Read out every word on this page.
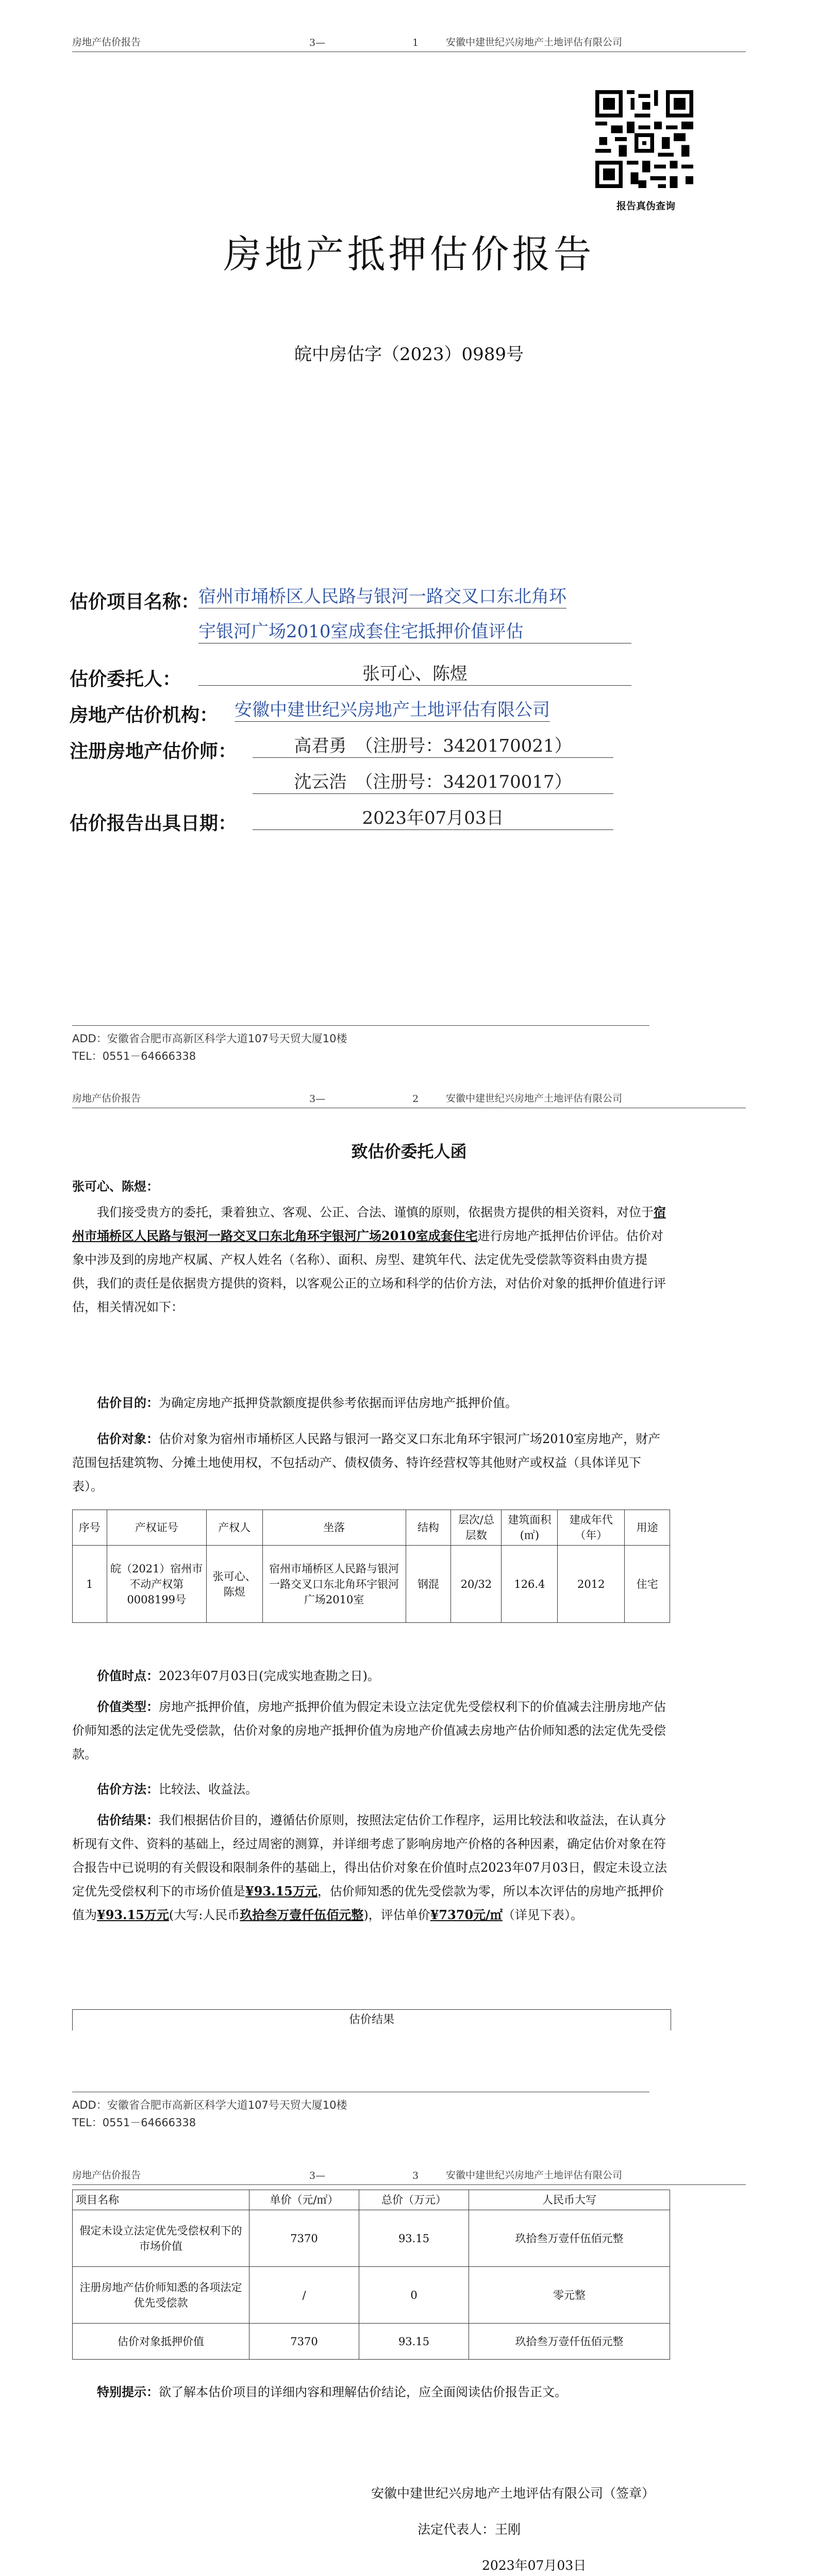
房地产估价报告	3—	1	安徽中建世纪兴房地产土地评估有限公司
报告真伪查询
房地产抵押估价报告
皖中房估字（2023）0989号
估价项目名称：
宿州市埇桥区人民路与银河一路交叉口东北角环
宇银河广场2010室成套住宅抵押价值评估
估价委托人：	张可心、陈煜
房地产估价机构： 安徽中建世纪兴房地产土地评估有限公司
注册房地产估价师：	高君勇　（注册号：3420170021）
沈云浩　（注册号：3420170017）
估价报告出具日期：	2023年07月03日
ADD：安徽省合肥市高新区科学大道107号天贸大厦10楼
TEL：0551－64666338
房地产估价报告	3—	2	安徽中建世纪兴房地产土地评估有限公司
致估价委托人函
张可心、陈煜：
我们接受贵方的委托，秉着独立、客观、公正、合法、谨慎的原则，依据贵方提供的相关资料，对位于宿州市埇桥区人民路与银河一路交叉口东北角环宇银河广场2010室成套住宅进行房地产抵押估价评估。估价对象中涉及到的房地产权属、产权人姓名（名称）、面积、房型、建筑年代、法定优先受偿款等资料由贵方提供，我们的责任是依据贵方提供的资料，以客观公正的立场和科学的估价方法，对估价对象的抵押价值进行评估，相关情况如下：
估价目的：为确定房地产抵押贷款额度提供参考依据而评估房地产抵押价值。
估价对象：估价对象为宿州市埇桥区人民路与银河一路交叉口东北角环宇银河广场2010室房地产，财产范围包括建筑物、分摊土地使用权，不包括动产、债权债务、特许经营权等其他财产或权益（具体详见下表）。
序号	产权证号	产权人	坐落	结构	层次/总层数	建筑面积(㎡)	建成年代（年）	用途
1	皖（2021）宿州市不动产权第0008199号	张可心、陈煜	宿州市埇桥区人民路与银河一路交叉口东北角环宇银河广场2010室	钢混	20/32	126.4	2012	住宅
价值时点：2023年07月03日(完成实地查勘之日)。
价值类型：房地产抵押价值，房地产抵押价值为假定未设立法定优先受偿权利下的价值减去注册房地产估价师知悉的法定优先受偿款，估价对象的房地产抵押价值为房地产价值减去房地产估价师知悉的法定优先受偿款。
估价方法：比较法、收益法。
估价结果：我们根据估价目的，遵循估价原则，按照法定估价工作程序，运用比较法和收益法，在认真分析现有文件、资料的基础上，经过周密的测算，并详细考虑了影响房地产价格的各种因素，确定估价对象在符合报告中已说明的有关假设和限制条件的基础上，得出估价对象在价值时点2023年07月03日，假定未设立法定优先受偿权利下的市场价值是¥93.15万元，估价师知悉的优先受偿款为零，所以本次评估的房地产抵押价值为¥93.15万元(大写:人民币玖拾叁万壹仟伍佰元整)，评估单价¥7370元/㎡（详见下表）。
估价结果
ADD：安徽省合肥市高新区科学大道107号天贸大厦10楼
TEL：0551－64666338
房地产估价报告	3—	3	安徽中建世纪兴房地产土地评估有限公司
项目名称	单价（元/㎡）	总价（万元）	人民币大写
假定未设立法定优先受偿权利下的市场价值	7370	93.15	玖拾叁万壹仟伍佰元整
注册房地产估价师知悉的各项法定优先受偿款	/	0	零元整
估价对象抵押价值	7370	93.15	玖拾叁万壹仟伍佰元整
特别提示：欲了解本估价项目的详细内容和理解估价结论，应全面阅读估价报告正文。
安徽中建世纪兴房地产土地评估有限公司（签章）
法定代表人：王刚
2023年07月03日
